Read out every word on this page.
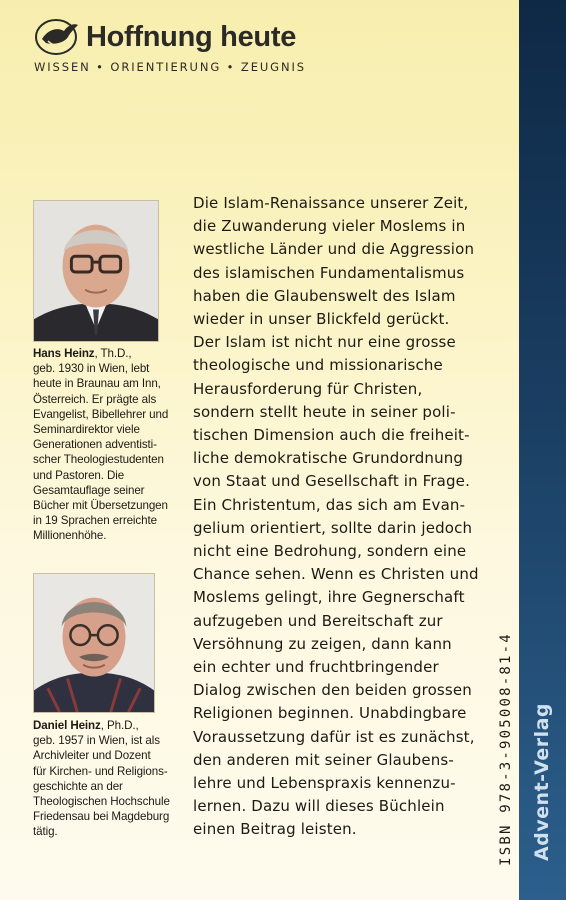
Advent-Verlag
ISBN 978-3-905008-81-4
Hoffnung heute
WISSEN • ORIENTIERUNG • ZEUGNIS
Hans Heinz, Th.D.,
geb. 1930 in Wien, lebt
heute in Braunau am Inn,
Österreich. Er prägte als
Evangelist, Bibellehrer und
Seminardirektor viele
Generationen adventisti-
scher Theologiestudenten
und Pastoren. Die
Gesamtauflage seiner
Bücher mit Übersetzungen
in 19 Sprachen erreichte
Millionenhöhe.
Daniel Heinz, Ph.D.,
geb. 1957 in Wien, ist als
Archivleiter und Dozent
für Kirchen- und Religions-
geschichte an der
Theologischen Hochschule
Friedensau bei Magdeburg
tätig.
Die Islam-Renaissance unserer Zeit,
die Zuwanderung vieler Moslems in
westliche Länder und die Aggression
des islamischen Fundamentalismus
haben die Glaubenswelt des Islam
wieder in unser Blickfeld gerückt.
Der Islam ist nicht nur eine grosse
theologische und missionarische
Herausforderung für Christen,
sondern stellt heute in seiner poli-
tischen Dimension auch die freiheit-
liche demokratische Grundordnung
von Staat und Gesellschaft in Frage.
Ein Christentum, das sich am Evan-
gelium orientiert, sollte darin jedoch
nicht eine Bedrohung, sondern eine
Chance sehen. Wenn es Christen und
Moslems gelingt, ihre Gegnerschaft
aufzugeben und Bereitschaft zur
Versöhnung zu zeigen, dann kann
ein echter und fruchtbringender
Dialog zwischen den beiden grossen
Religionen beginnen. Unabdingbare
Voraussetzung dafür ist es zunächst,
den anderen mit seiner Glaubens-
lehre und Lebenspraxis kennenzu-
lernen. Dazu will dieses Büchlein
einen Beitrag leisten.
